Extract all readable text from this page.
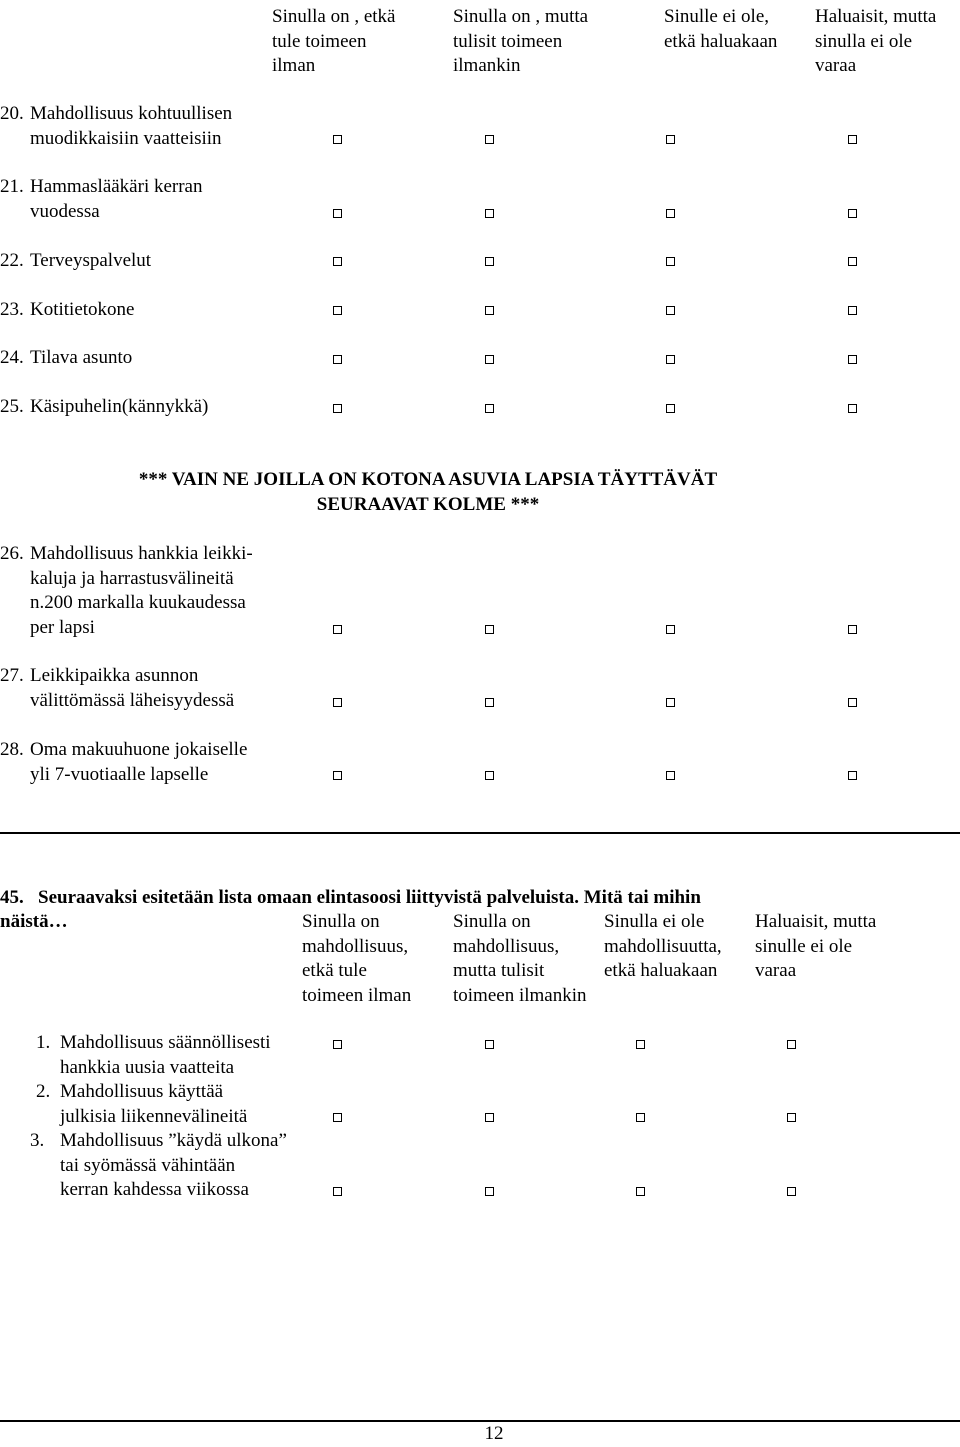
Sinulla on , etkä
tule toimeen
ilman
Sinulla on , mutta
tulisit toimeen
ilmankin
Sinulle ei ole,
etkä haluakaan
Haluaisit, mutta
sinulla ei ole
varaa
20. Mahdollisuus kohtuullisen
muodikkaisiin vaatteisiin
21. Hammaslääkäri kerran
vuodessa
22. Terveyspalvelut
23. Kotitietokone
24. Tilava asunto
25. Käsipuhelin(kännykkä)
*** VAIN NE JOILLA ON KOTONA ASUVIA LAPSIA TÄYTTÄVÄT
SEURAAVAT KOLME ***
26. Mahdollisuus hankkia leikki-
kaluja ja harrastusvälineitä
n.200 markalla kuukaudessa
per lapsi
27. Leikkipaikka asunnon
välittömässä läheisyydessä
28. Oma makuuhuone jokaiselle
yli 7-vuotiaalle lapselle

45. Seuraavaksi esitetään lista omaan elintasoosi liittyvistä palveluista. Mitä tai mihin
näistä…	Sinulla on
mahdollisuus,
etkä tule
toimeen ilman
Sinulla on
mahdollisuus,
mutta tulisit
toimeen ilmankin
Sinulla ei ole
mahdollisuutta,
etkä haluakaan
Haluaisit, mutta
sinulle ei ole
varaa
1. Mahdollisuus säännöllisesti
hankkia uusia vaatteita
2. Mahdollisuus käyttää
julkisia liikennevälineitä
3. Mahdollisuus ”käydä ulkona”
tai syömässä vähintään
kerran kahdessa viikossa
12
